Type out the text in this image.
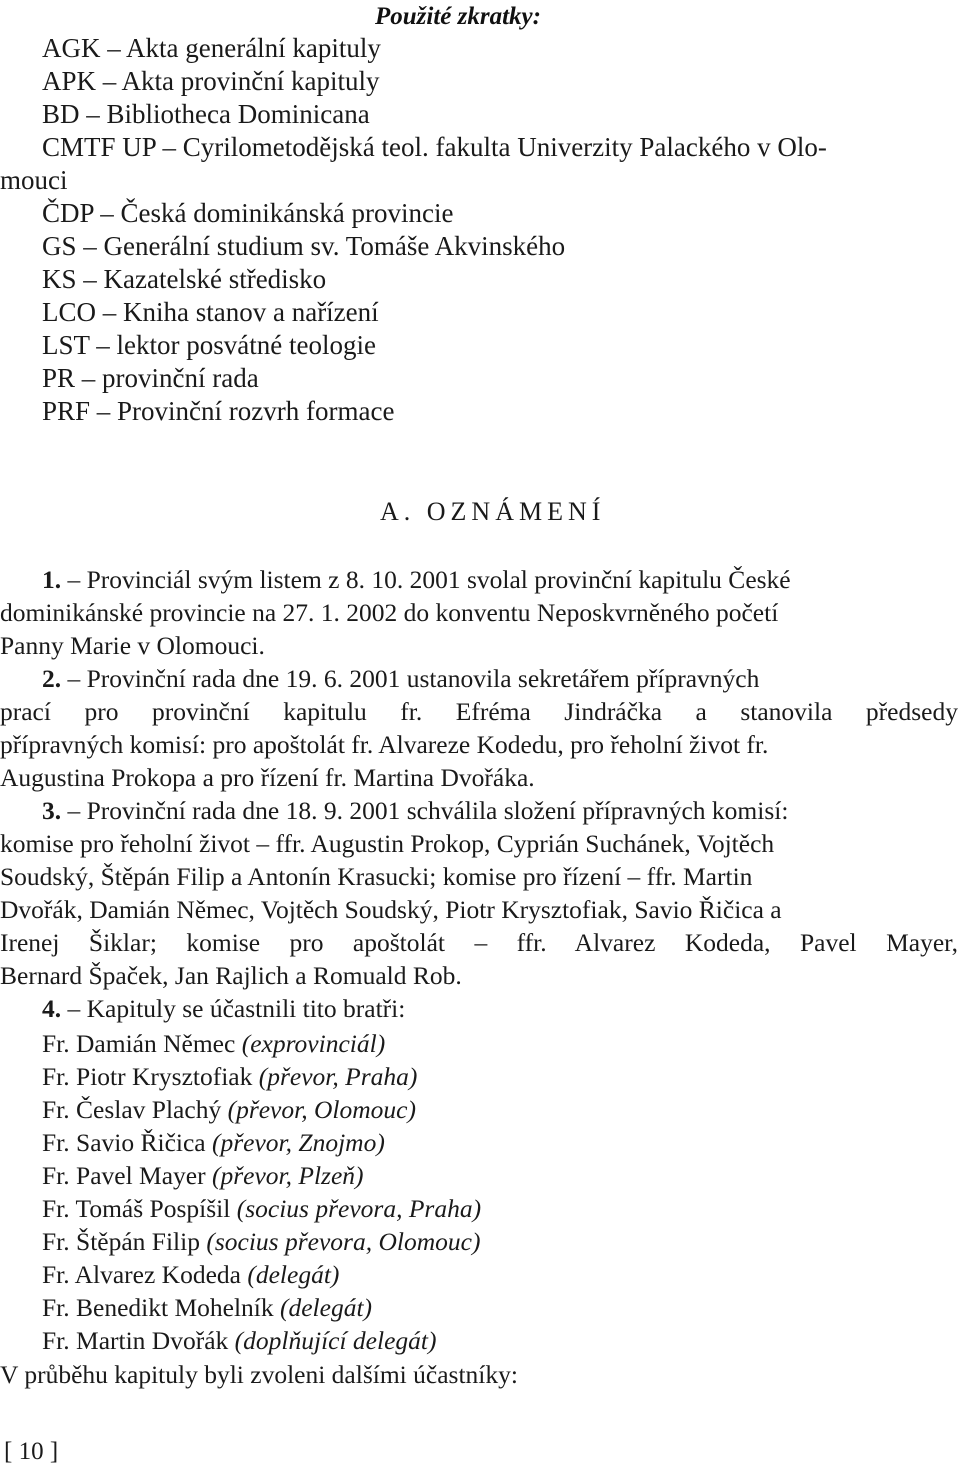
Použité zkratky:
AGK – Akta generální kapituly
APK – Akta provinční kapituly
BD – Bibliotheca Dominicana
CMTF UP – Cyrilometodějská teol. fakulta Univerzity Palackého v Olo-
mouci
ČDP – Česká dominikánská provincie
GS – Generální studium sv. Tomáše Akvinského
KS – Kazatelské středisko
LCO – Kniha stanov a nařízení
LST – lektor posvátné teologie
PR – provinční rada
PRF – Provinční rozvrh formace
A. OZNÁMENÍ
1. – Provinciál svým listem z 8. 10. 2001 svolal provinční kapitulu České
dominikánské provincie na 27. 1. 2002 do konventu Neposkvrněného početí
Panny Marie v Olomouci.
2. – Provinční rada dne 19. 6. 2001 ustanovila sekretářem přípravných
prací pro provinční kapitulu fr. Efréma Jindráčka a stanovila předsedy
přípravných komisí: pro apoštolát fr. Alvareze Kodedu, pro řeholní život fr.
Augustina Prokopa a pro řízení fr. Martina Dvořáka.
3. – Provinční rada dne 18. 9. 2001 schválila složení přípravných komisí:
komise pro řeholní život – ffr. Augustin Prokop, Cyprián Suchánek, Vojtěch
Soudský, Štěpán Filip a Antonín Krasucki; komise pro řízení – ffr. Martin
Dvořák, Damián Němec, Vojtěch Soudský, Piotr Krysztofiak, Savio Řičica a
Irenej Šiklar; komise pro apoštolát – ffr. Alvarez Kodeda, Pavel Mayer,
Bernard Špaček, Jan Rajlich a Romuald Rob.
4. – Kapituly se účastnili tito bratři:
Fr. Damián Němec (exprovinciál)
Fr. Piotr Krysztofiak (převor, Praha)
Fr. Česlav Plachý (převor, Olomouc)
Fr. Savio Řičica (převor, Znojmo)
Fr. Pavel Mayer (převor, Plzeň)
Fr. Tomáš Pospíšil (socius převora, Praha)
Fr. Štěpán Filip (socius převora, Olomouc)
Fr. Alvarez Kodeda (delegát)
Fr. Benedikt Mohelník (delegát)
Fr. Martin Dvořák (doplňující delegát)
V průběhu kapituly byli zvoleni dalšími účastníky:
[ 10 ]
